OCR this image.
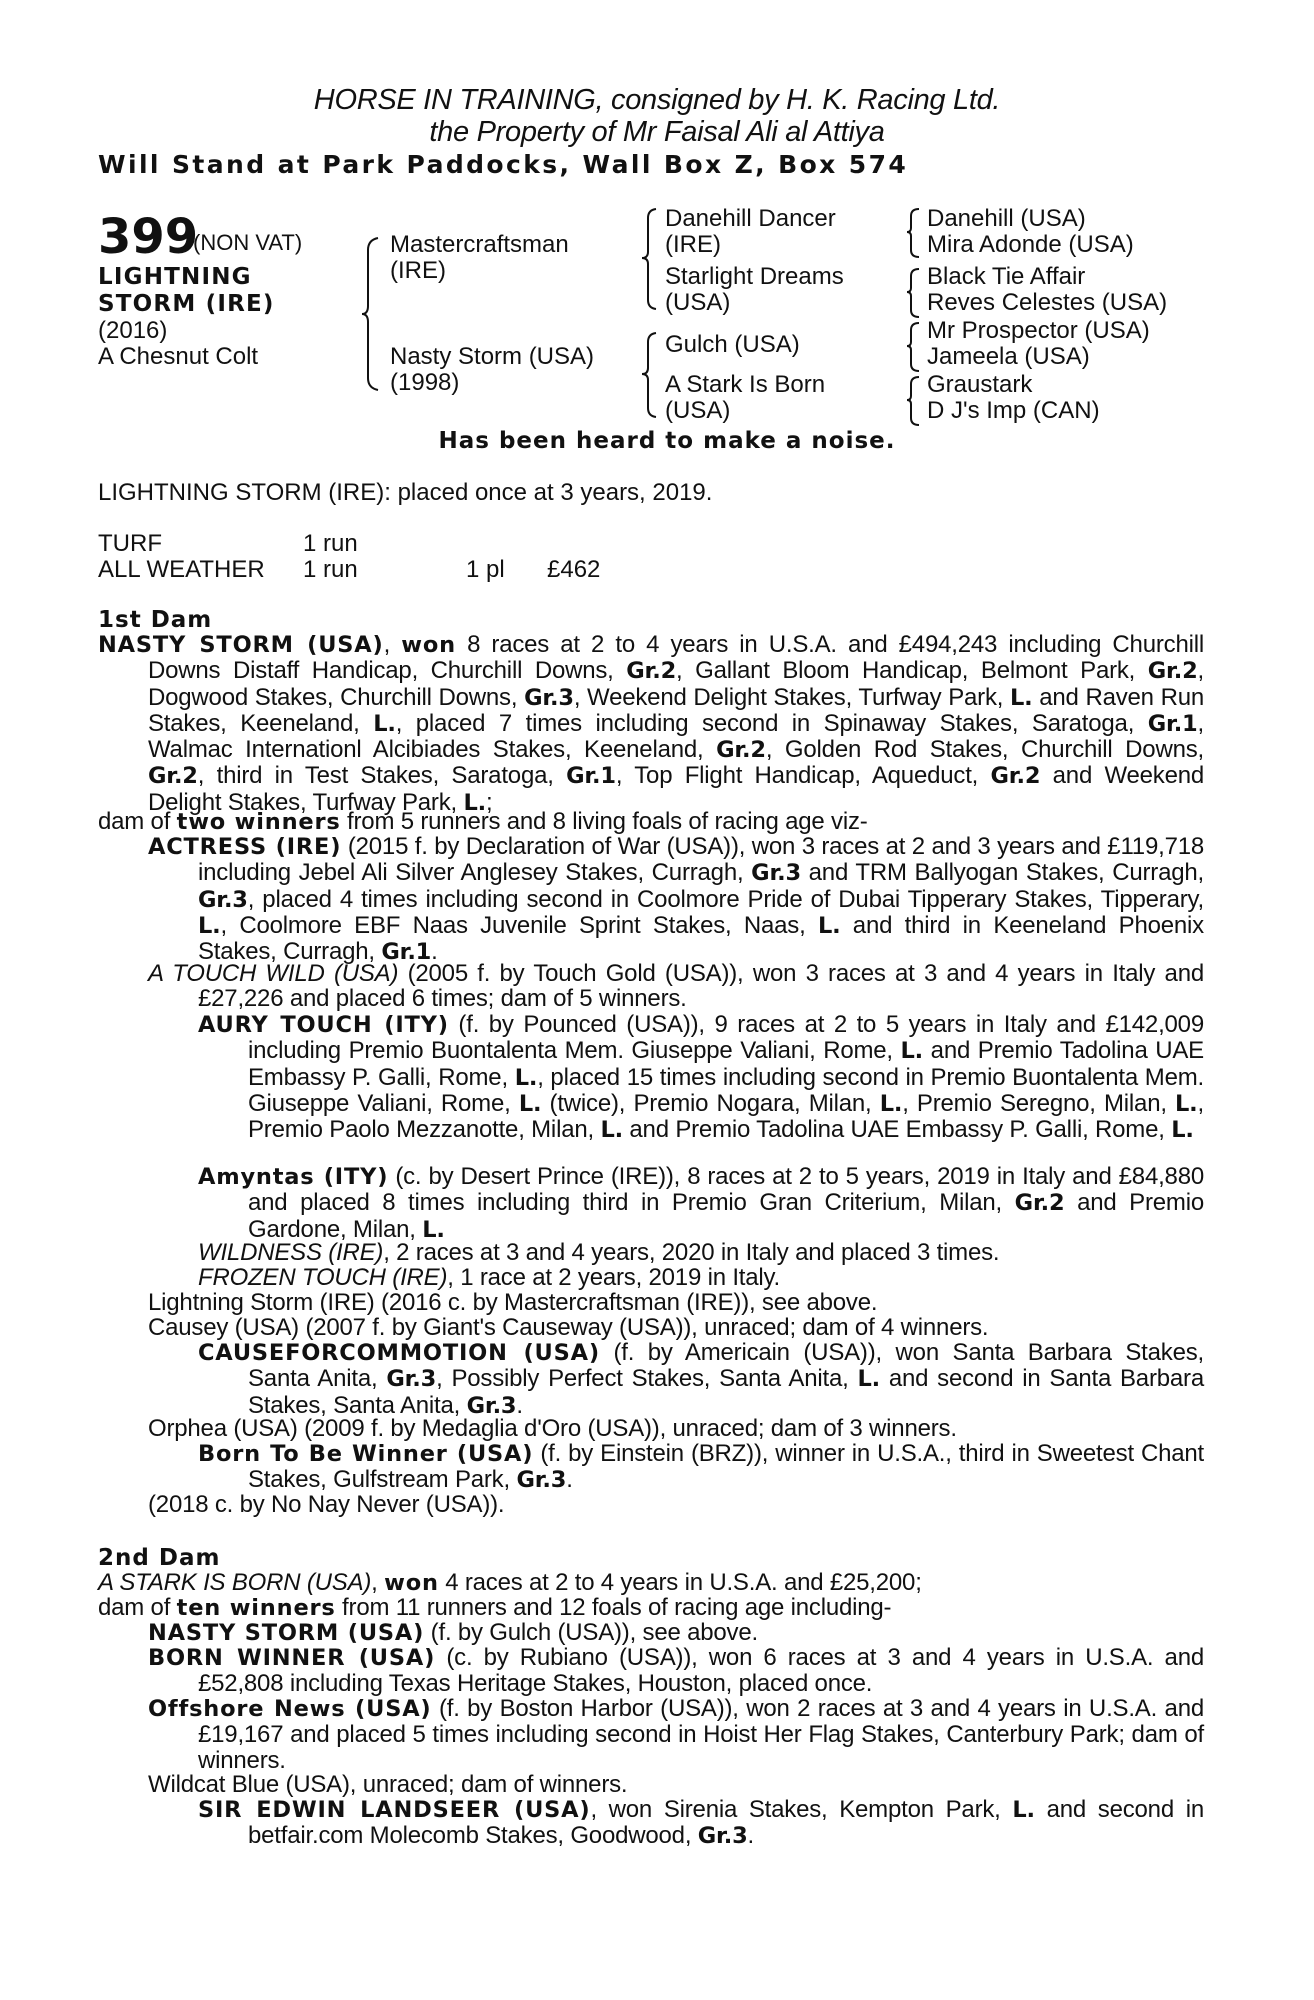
HORSE IN TRAINING, consigned by H. K. Racing Ltd.
the Property of Mr Faisal Ali al Attiya
Will Stand at Park Paddocks, Wall Box Z, Box 574
399
(NON VAT)
LIGHTNING
STORM (IRE)
(2016)
A Chesnut Colt
Mastercraftsman
(IRE)
Nasty Storm (USA)
(1998)
Danehill Dancer
(IRE)
Starlight Dreams
(USA)
Gulch (USA)
A Stark Is Born
(USA)
Danehill (USA)
Mira Adonde (USA)
Black Tie Affair
Reves Celestes (USA)
Mr Prospector (USA)
Jameela (USA)
Graustark
D J's Imp (CAN)
Has been heard to make a noise.
LIGHTNING STORM (IRE): placed once at 3 years, 2019.
TURF	1 run
ALL WEATHER 1 run	1 pl £462
1st Dam
NASTY STORM (USA), won 8 races at 2 to 4 years in U.S.A. and £494,243 including Churchill Downs Distaff Handicap, Churchill Downs, Gr.2, Gallant Bloom Handicap, Belmont Park, Gr.2, Dogwood Stakes, Churchill Downs, Gr.3, Weekend Delight Stakes, Turfway Park, L. and Raven Run Stakes, Keeneland, L., placed 7 times including second in Spinaway Stakes, Saratoga, Gr.1, Walmac Internationl Alcibiades Stakes, Keeneland, Gr.2, Golden Rod Stakes, Churchill Downs, Gr.2, third in Test Stakes, Saratoga, Gr.1, Top Flight Handicap, Aqueduct, Gr.2 and Weekend Delight Stakes, Turfway Park, L.;
dam of two winners from 5 runners and 8 living foals of racing age viz-
ACTRESS (IRE) (2015 f. by Declaration of War (USA)), won 3 races at 2 and 3 years and £119,718 including Jebel Ali Silver Anglesey Stakes, Curragh, Gr.3 and TRM Ballyogan Stakes, Curragh, Gr.3, placed 4 times including second in Coolmore Pride of Dubai Tipperary Stakes, Tipperary, L., Coolmore EBF Naas Juvenile Sprint Stakes, Naas, L. and third in Keeneland Phoenix Stakes, Curragh, Gr.1.
A TOUCH WILD (USA) (2005 f. by Touch Gold (USA)), won 3 races at 3 and 4 years in Italy and £27,226 and placed 6 times; dam of 5 winners.
AURY TOUCH (ITY) (f. by Pounced (USA)), 9 races at 2 to 5 years in Italy and £142,009 including Premio Buontalenta Mem. Giuseppe Valiani, Rome, L. and Premio Tadolina UAE Embassy P. Galli, Rome, L., placed 15 times including second in Premio Buontalenta Mem. Giuseppe Valiani, Rome, L. (twice), Premio Nogara, Milan, L., Premio Seregno, Milan, L., Premio Paolo Mezzanotte, Milan, L. and Premio Tadolina UAE Embassy P. Galli, Rome, L.
Amyntas (ITY) (c. by Desert Prince (IRE)), 8 races at 2 to 5 years, 2019 in Italy and £84,880 and placed 8 times including third in Premio Gran Criterium, Milan, Gr.2 and Premio Gardone, Milan, L.
WILDNESS (IRE), 2 races at 3 and 4 years, 2020 in Italy and placed 3 times.
FROZEN TOUCH (IRE), 1 race at 2 years, 2019 in Italy.
Lightning Storm (IRE) (2016 c. by Mastercraftsman (IRE)), see above.
Causey (USA) (2007 f. by Giant's Causeway (USA)), unraced; dam of 4 winners.
CAUSEFORCOMMOTION (USA) (f. by Americain (USA)), won Santa Barbara Stakes, Santa Anita, Gr.3, Possibly Perfect Stakes, Santa Anita, L. and second in Santa Barbara Stakes, Santa Anita, Gr.3.
Orphea (USA) (2009 f. by Medaglia d'Oro (USA)), unraced; dam of 3 winners.
Born To Be Winner (USA) (f. by Einstein (BRZ)), winner in U.S.A., third in Sweetest Chant Stakes, Gulfstream Park, Gr.3.
(2018 c. by No Nay Never (USA)).
2nd Dam
A STARK IS BORN (USA), won 4 races at 2 to 4 years in U.S.A. and £25,200;
dam of ten winners from 11 runners and 12 foals of racing age including-
NASTY STORM (USA) (f. by Gulch (USA)), see above.
BORN WINNER (USA) (c. by Rubiano (USA)), won 6 races at 3 and 4 years in U.S.A. and £52,808 including Texas Heritage Stakes, Houston, placed once.
Offshore News (USA) (f. by Boston Harbor (USA)), won 2 races at 3 and 4 years in U.S.A. and £19,167 and placed 5 times including second in Hoist Her Flag Stakes, Canterbury Park; dam of winners.
Wildcat Blue (USA), unraced; dam of winners.
SIR EDWIN LANDSEER (USA), won Sirenia Stakes, Kempton Park, L. and second in betfair.com Molecomb Stakes, Goodwood, Gr.3.
